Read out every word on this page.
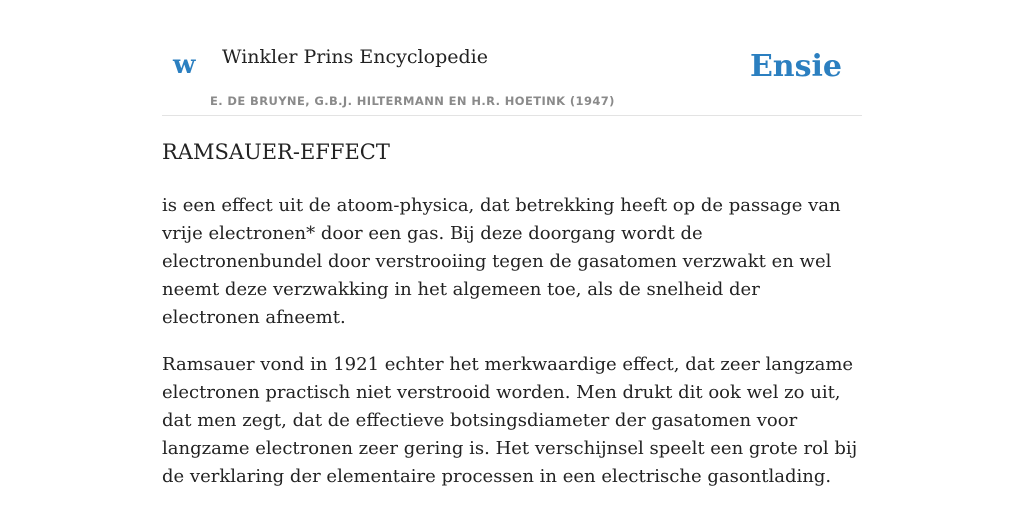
w Winkler Prins Encyclopedie
E. DE BRUYNE, G.B.J. HILTERMANN EN H.R. HOETINK (1947)
Ensie
RAMSAUER-EFFECT

is een effect uit de atoom-physica, dat betrekking heeft op de passage van vrije electronen* door een gas. Bij deze doorgang wordt de electronenbundel door verstrooiing tegen de gasatomen verzwakt en wel neemt deze verzwakking in het algemeen toe, als de snelheid der electronen afneemt.

Ramsauer vond in 1921 echter het merkwaardige effect, dat zeer langzame electronen practisch niet verstrooid worden. Men drukt dit ook wel zo uit, dat men zegt, dat de effectieve botsingsdiameter der gasatomen voor langzame electronen zeer gering is. Het verschijnsel speelt een grote rol bij de verklaring der elementaire processen in een electrische gasontlading.
